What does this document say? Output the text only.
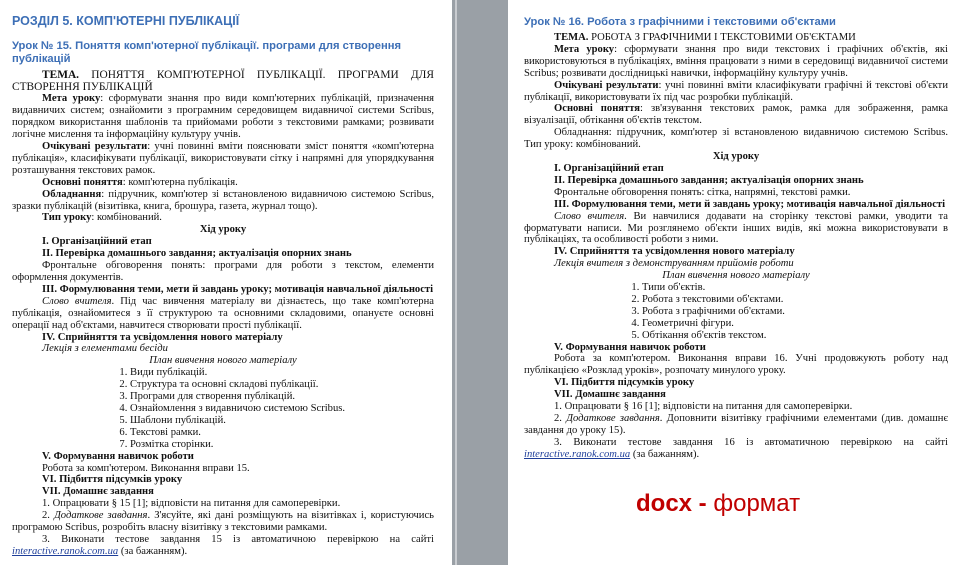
РОЗДІЛ 5. КОМП'ЮТЕРНІ ПУБЛІКАЦІЇ
Урок № 15. Поняття комп'ютерної публікації. програми для створення публікацій

ТЕМА. ПОНЯТТЯ КОМП'ЮТЕРНОЇ ПУБЛІКАЦІЇ. ПРОГРАМИ ДЛЯ СТВОРЕННЯ ПУБЛІКАЦІЙ

Мета уроку: сформувати знання про види комп'ютерних публікацій, призначення видавничих систем; ознайомити з програмним середовищем видавничої системи Scribus, порядком використання шаблонів та прийомами роботи з текстовими рамками; розвивати логічне мислення та інформаційну культуру учнів.

Очікувані результати: учні повинні вміти пояснювати зміст поняття «комп'ютерна публікація», класифікувати публікації, використовувати сітку і напрямні для упорядкування розташування текстових рамок.

Основні поняття: комп'ютерна публікація.

Обладнання: підручник, комп'ютер зі встановленою видавничою системою Scribus, зразки публікацій (візитівка, книга, брошура, газета, журнал тощо).

Тип уроку: комбінований.

Хід уроку

I. Організаційний етап

II. Перевірка домашнього завдання; актуалізація опорних знань

Фронтальне обговорення понять: програми для роботи з текстом, елементи оформлення документів.

III. Формулювання теми, мети й завдань уроку; мотивація навчальної діяльності

Слово вчителя. Під час вивчення матеріалу ви дізнаєтесь, що таке комп'ютерна публікація, ознайомитеся з її структурою та основними складовими, опануєте основні операції над об'єктами, навчитеся створювати прості публікації.

IV. Сприйняття та усвідомлення нового матеріалу

Лекція з елементами бесіди

План вивчення нового матеріалу

1. Види публікацій.
2. Структура та основні складові публікації.
3. Програми для створення публікацій.
4. Ознайомлення з видавничою системою Scribus.
5. Шаблони публікацій.
6. Текстові рамки.
7. Розмітка сторінки.

V. Формування навичок роботи

Робота за комп'ютером. Виконання вправи 15.

VI. Підбиття підсумків уроку

VII. Домашнє завдання

1. Опрацювати § 15 [1]; відповісти на питання для самоперевірки.

2. Додаткове завдання. З'ясуйте, які дані розміщують на візитівках і, користуючись програмою Scribus, розробіть власну візитівку з текстовими рамками.

3. Виконати тестове завдання 15 із автоматичною перевіркою на сайті interactive.ranok.com.ua (за бажанням).

Урок № 16. Робота з графічними і текстовими об'єктами

ТЕМА. РОБОТА З ГРАФІЧНИМИ І ТЕКСТОВИМИ ОБ'ЄКТАМИ

Мета уроку: сформувати знання про види текстових і графічних об'єктів, які використовуються в публікаціях, вміння працювати з ними в середовищі видавничої системи Scribus; розвивати дослідницькі навички, інформаційну культуру учнів.

Очікувані результати: учні повинні вміти класифікувати графічні й текстові об'єкти публікації, використовувати їх під час розробки публікацій.

Основні поняття: зв'язування текстових рамок, рамка для зображення, рамка візуалізації, обтікання об'єктів текстом.

Обладнання: підручник, комп'ютер зі встановленою видавничою системою Scribus. Тип уроку: комбінований.

Хід уроку

I. Організаційний етап

II. Перевірка домашнього завдання; актуалізація опорних знань

Фронтальне обговорення понять: сітка, напрямні, текстові рамки.

III. Формулювання теми, мети й завдань уроку; мотивація навчальної діяльності

Слово вчителя. Ви навчилися додавати на сторінку текстові рамки, уводити та форматувати написи. Ми розглянемо об'єкти інших видів, які можна використовувати в публікаціях, та особливості роботи з ними.

IV. Сприйняття та усвідомлення нового матеріалу

Лекція вчителя з демонструванням прийомів роботи

План вивчення нового матеріалу

1. Типи об'єктів.
2. Робота з текстовими об'єктами.
3. Робота з графічними об'єктами.
4. Геометричні фігури.
5. Обтікання об'єктів текстом.

V. Формування навичок роботи

Робота за комп'ютером. Виконання вправи 16. Учні продовжують роботу над публікацією «Розклад уроків», розпочату минулого уроку.

VI. Підбиття підсумків уроку

VII. Домашнє завдання

1. Опрацювати § 16 [1]; відповісти на питання для самоперевірки.

2. Додаткове завдання. Доповнити візитівку графічними елементами (див. домашнє завдання до уроку 15).

3. Виконати тестове завдання 16 із автоматичною перевіркою на сайті interactive.ranok.com.ua (за бажанням).

docx - формат
